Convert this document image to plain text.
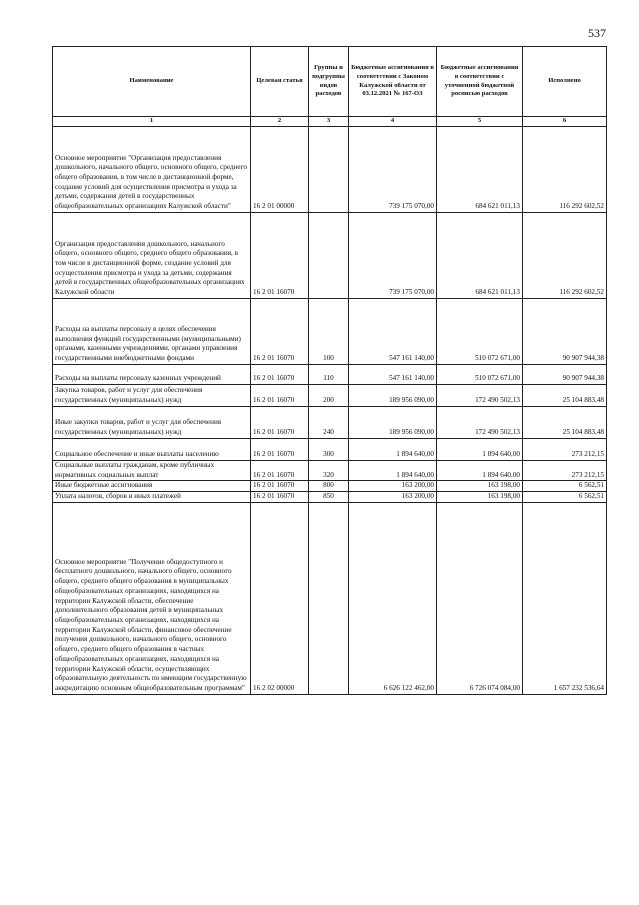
537
Наименование	Целевая статья	Группы и подгруппы видов расходов	Бюджетные ассигнования в соответствии с Законом Калужской области от 03.12.2021 № 167-ОЗ	Бюджетные ассигнования в соответствии с уточненной бюджетной росписью расходов	Исполнено
1	2	3	4	5	6
Основное мероприятие "Организация предоставления дошкольного, начального общего, основного общего, среднего общего образования, в том числе в дистанционной форме, создание условий для осуществления присмотра и ухода за детьми, содержания детей в государственных общеобразовательных организациях Калужской области"	16 2 01 00000		739 175 070,00	684 621 011,13	116 292 602,52
Организация предоставления дошкольного, начального общего, основного общего, среднего общего образования, в том числе в дистанционной форме, создание условий для осуществления присмотра и ухода за детьми, содержания детей в государственных общеобразовательных организациях Калужской области	16 2 01 16070		739 175 070,00	684 621 011,13	116 292 602,52
Расходы на выплаты персоналу в целях обеспечения выполнения функций государственными (муниципальными) органами, казенными учреждениями, органами управления государственными внебюджетными фондами	16 2 01 16070	100	547 161 140,00	510 072 671,00	90 907 944,38
Расходы на выплаты персоналу казенных учреждений	16 2 01 16070	110	547 161 140,00	510 072 671,00	90 907 944,38
Закупка товаров, работ и услуг для обеспечения государственных (муниципальных) нужд	16 2 01 16070	200	189 956 090,00	172 490 502,13	25 104 883,48
Иные закупки товаров, работ и услуг для обеспечения государственных (муниципальных) нужд	16 2 01 16070	240	189 956 090,00	172 490 502,13	25 104 883,48
Социальное обеспечение и иные выплаты населению	16 2 01 16070	300	1 894 640,00	1 894 640,00	273 212,15
Социальные выплаты гражданам, кроме публичных нормативных социальных выплат	16 2 01 16070	320	1 894 640,00	1 894 640,00	273 212,15
Иные бюджетные ассигнования	16 2 01 16070	800	163 200,00	163 198,00	6 562,51
Уплата налогов, сборов и иных платежей	16 2 01 16070	850	163 200,00	163 198,00	6 562,51
Основное мероприятие "Получение общедоступного и бесплатного дошкольного, начального общего, основного общего, среднего общего образования в муниципальных общеобразовательных организациях, находящихся на территории Калужской области, обеспечение дополнительного образования детей в муниципальных общеобразовательных организациях, находящихся на территории Калужской области, финансовое обеспечение получения дошкольного, начального общего, основного общего, среднего общего образования в частных общеобразовательных организациях, находящихся на территории Калужской области, осуществляющих образовательную деятельность по имеющим государственную аккредитацию основным общеобразовательным программам"	16 2 02 00000		6 626 122 462,00	6 726 074 084,00	1 657 232 536,64
